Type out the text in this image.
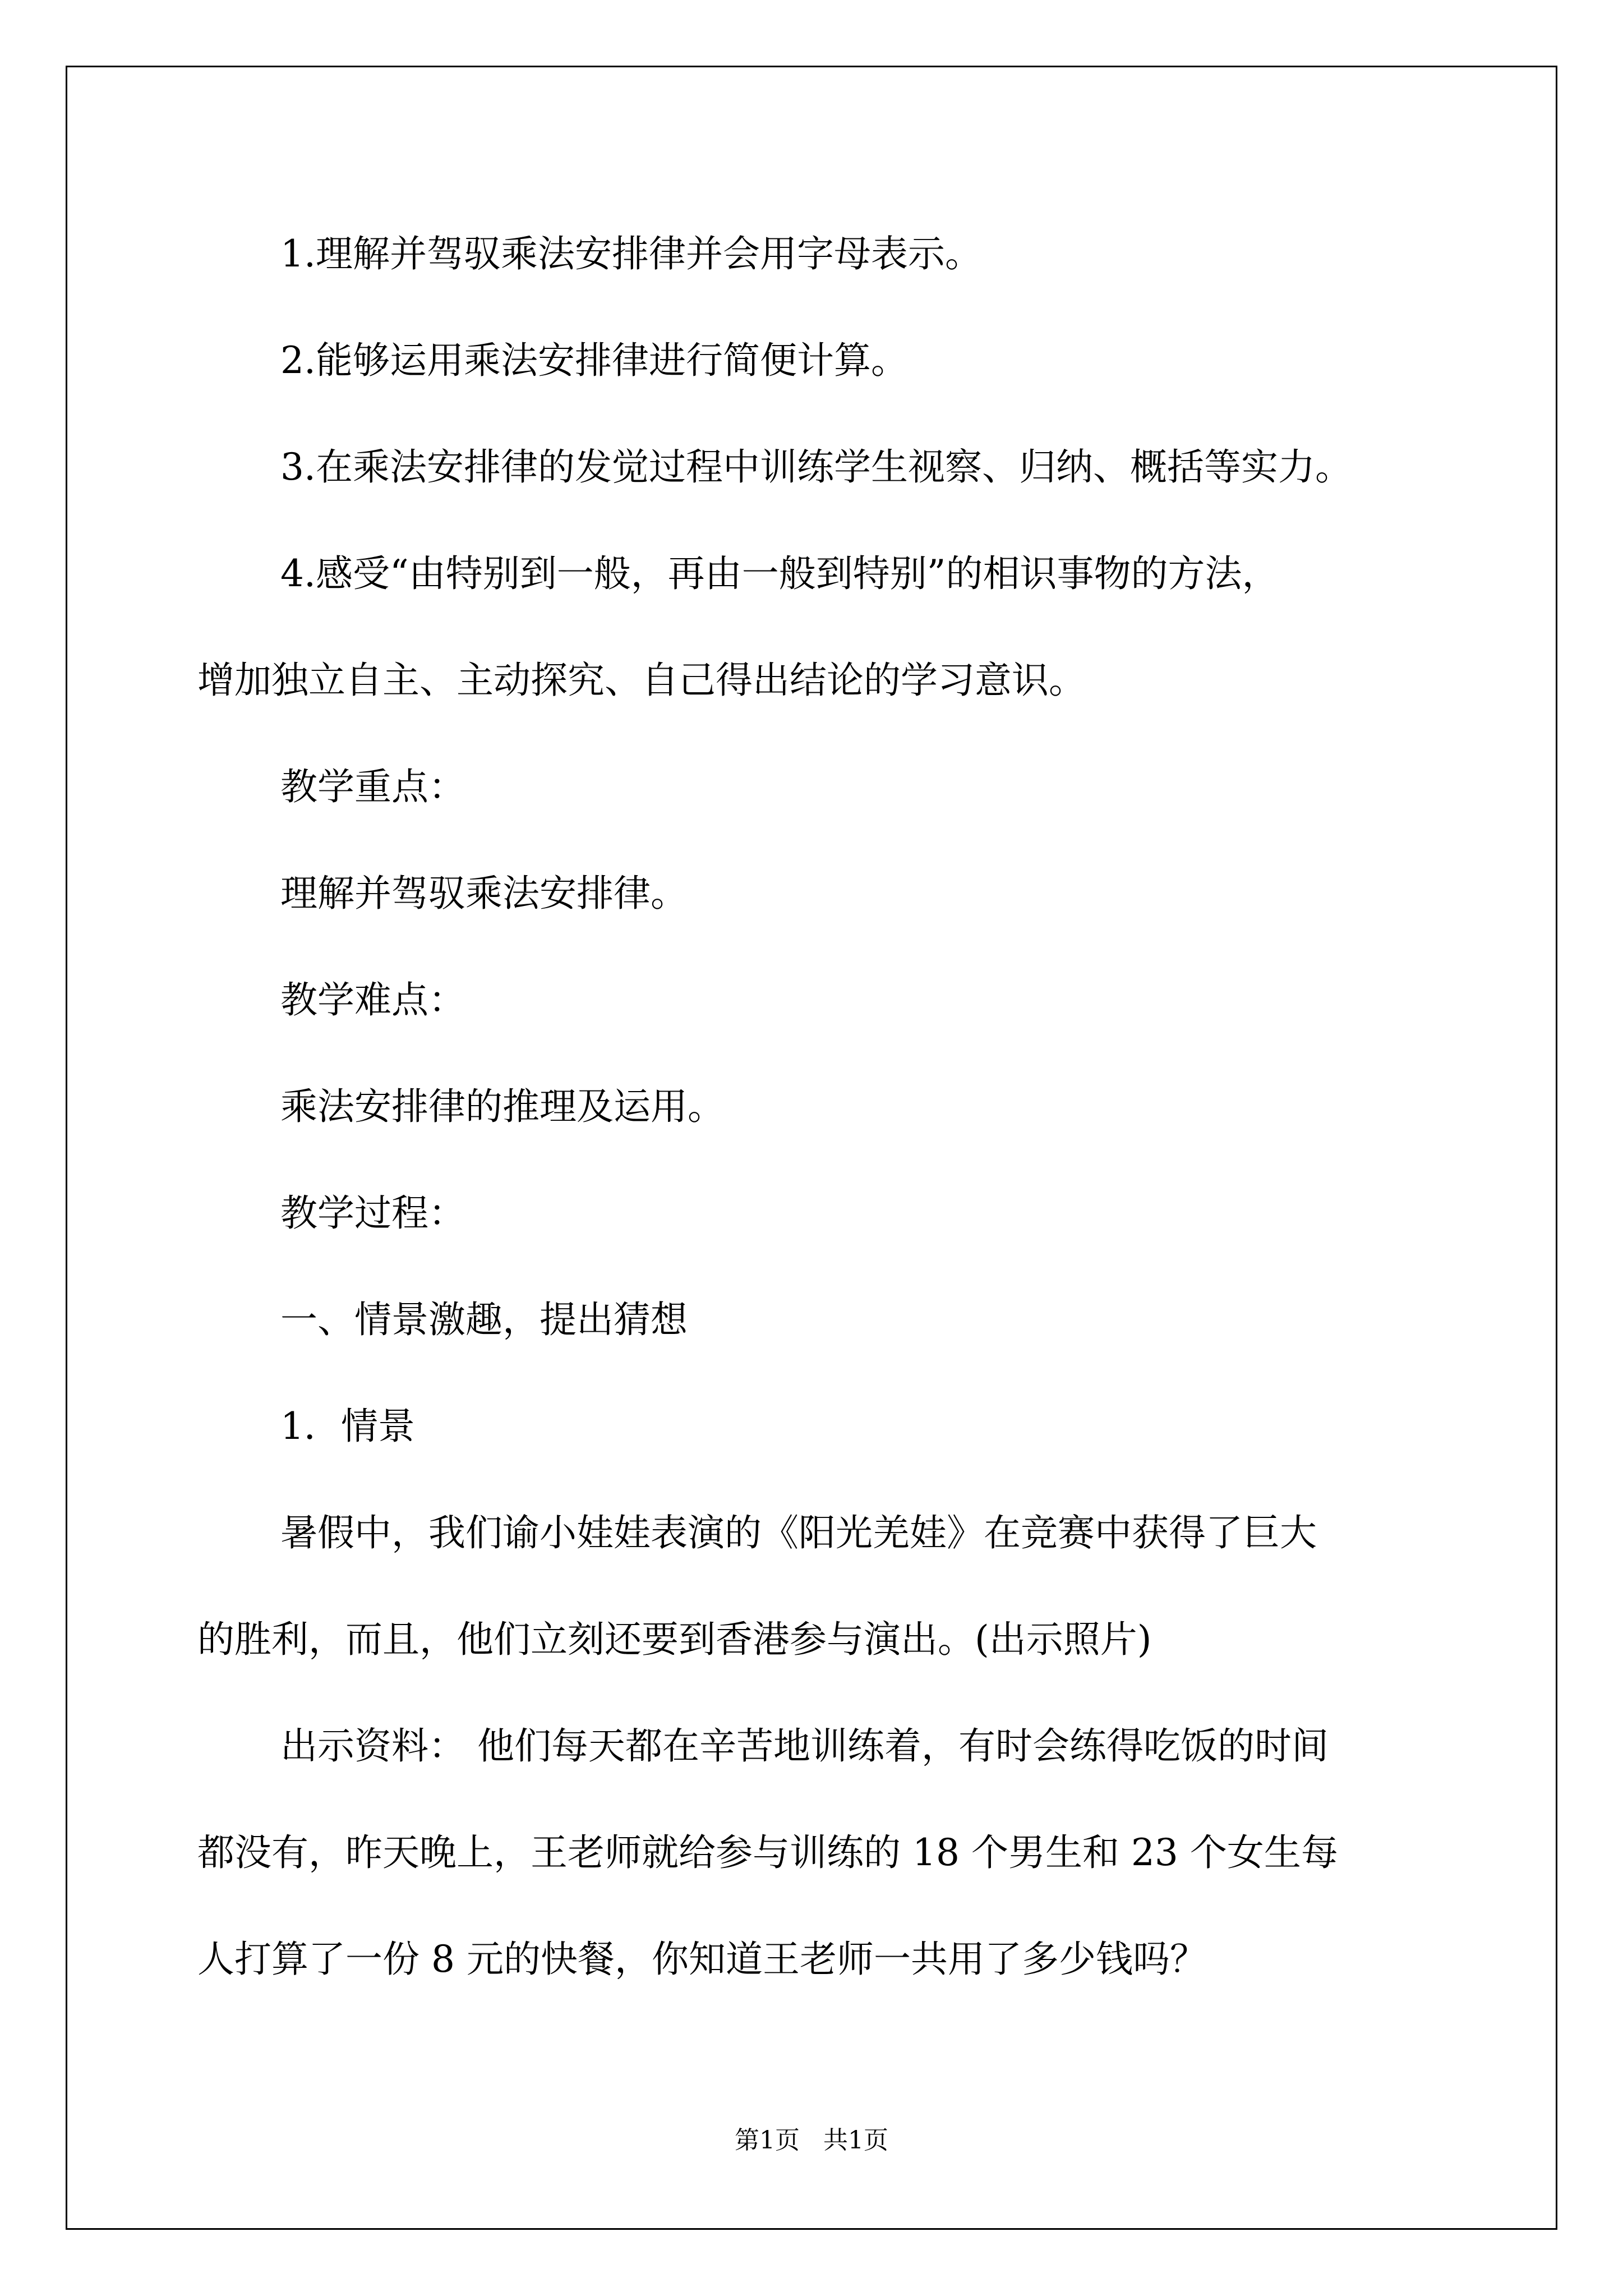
1.理解并驾驭乘法安排律并会用字母表示。

2.能够运用乘法安排律进行简便计算。

3.在乘法安排律的发觉过程中训练学生视察、归纳、概括等实力。

4.感受“由特别到一般，再由一般到特别”的相识事物的方法，

增加独立自主、主动探究、自己得出结论的学习意识。

教学重点：

理解并驾驭乘法安排律。

教学难点：

乘法安排律的推理及运用。

教学过程：

一、情景激趣，提出猜想

1．情景

暑假中，我们谕小娃娃表演的《阳光羌娃》在竞赛中获得了巨大

的胜利，而且，他们立刻还要到香港参与演出。(出示照片)

出示资料： 他们每天都在辛苦地训练着，有时会练得吃饭的时间

都没有，昨天晚上，王老师就给参与训练的 18 个男生和 23 个女生每

人打算了一份 8 元的快餐，你知道王老师一共用了多少钱吗？

第1页   共1页
